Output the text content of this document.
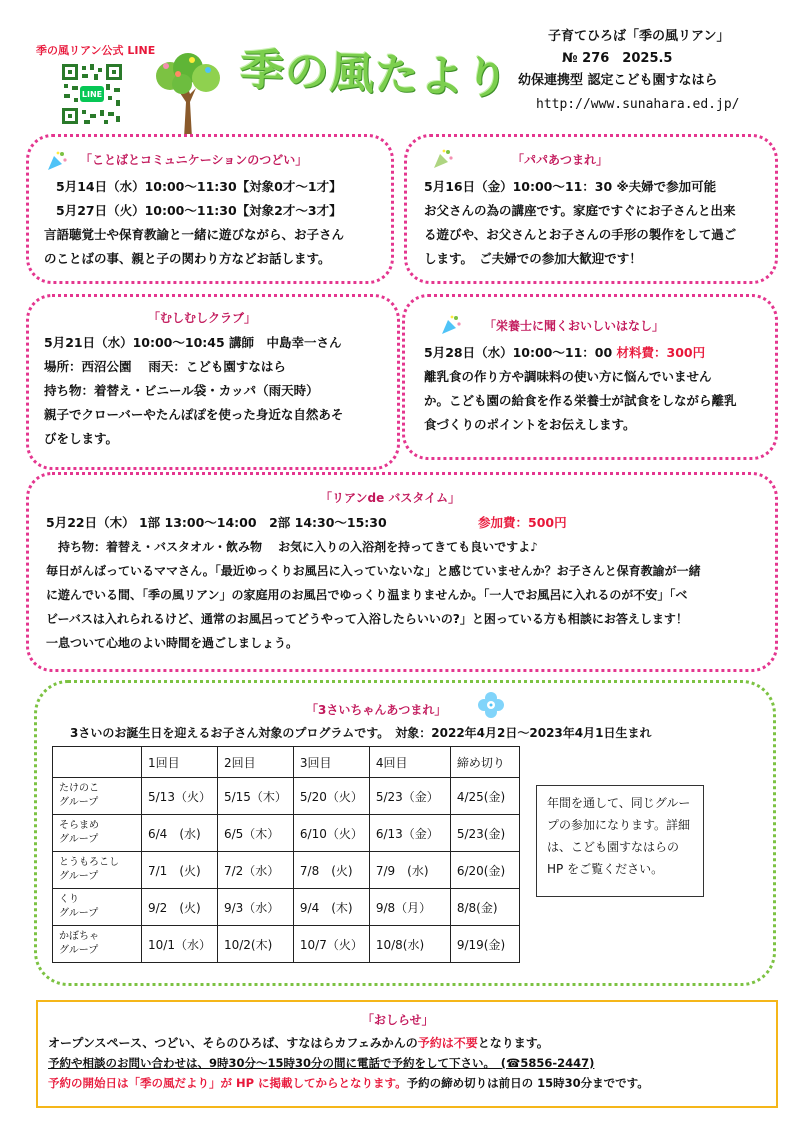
季の風リアン公式 LINE
LINE	季の風たより
子育てひろば「季の風リアン」
№ 276　2025.5
幼保連携型 認定こども園すなはら
http://www.sunahara.ed.jp/
「ことばとコミュニケーションのつどい」
5月14日（水）10:00～11:30【対象0才～1才】
5月27日（火）10:00～11:30【対象2才～3才】
言語聴覚士や保育教諭と一緒に遊びながら、お子さん
のことばの事、親と子の関わり方などお話します。
「パパあつまれ」
5月16日（金）10:00～11：30 ※夫婦で参加可能
お父さんの為の講座です。家庭ですぐにお子さんと出来
る遊びや、お父さんとお子さんの手形の製作をして過ご
します。　ご夫婦での参加大歓迎です！
「むしむしクラブ」
5月21日（水）10:00～10:45 講師　中島幸一さん
場所：西沼公園　 雨天：こども園すなはら
持ち物：着替え・ビニール袋・カッパ（雨天時）
親子でクローバーやたんぽぽを使った身近な自然あそ
びをします。
「栄養士に聞くおいしいはなし」
5月28日（水）10:00～11：00 材料費：300円
離乳食の作り方や調味料の使い方に悩んでいません
か。こども園の給食を作る栄養士が試食をしながら離乳
食づくりのポイントをお伝えします。
「リアンde バスタイム」
5月22日（木） 1部 13:00～14:00　2部 14:30～15:30	参加費：500円
　持ち物：着替え・バスタオル・飲み物　 お気に入りの入浴剤を持ってきても良いですよ♪
毎日がんばっているママさん。「最近ゆっくりお風呂に入っていないな」と感じていませんか？お子さんと保育教諭が一緒
に遊んでいる間、「季の風リアン」の家庭用のお風呂でゆっくり温まりませんか。「一人でお風呂に入れるのが不安」「ベ
ビーバスは入れられるけど、通常のお風呂ってどうやって入浴したらいいの?」と困っている方も相談にお答えします！
一息ついて心地のよい時間を過ごしましょう。
「3さいちゃんあつまれ」
3さいのお誕生日を迎えるお子さん対象のプログラムです。　対象：2022年4月2日～2023年4月1日生まれ
	1回目	2回目	3回目	4回目	締め切り
たけのこ
グループ	5/13（火）	5/15（木）	5/20（火）	5/23（金）	4/25(金)
そらまめ
グループ	6/4　(水)	6/5（木）	6/10（火）	6/13（金）	5/23(金)
とうもろこし
グループ	7/1　(火)	7/2（水）	7/8　(火)	7/9　(水)	6/20(金)
くり
グループ	9/2　(火)	9/3（水）	9/4　(木)	9/8（月）	8/8(金)
かぼちゃ
グループ	10/1（水）	10/2(木)	10/7（火）	10/8(水)	9/19(金)
年間を通して、同じグループの参加になります。詳細は、こども園すなはらの HP をご覧ください。
「おしらせ」
オープンスペース、つどい、そらのひろば、すなはらカフェみかんの予約は不要となります。
予約や相談のお問い合わせは、9時30分～15時30分の間に電話で予約をして下さい。　(☎5856-2447)
予約の開始日は「季の風だより」が HP に掲載してからとなります。予約の締め切りは前日の 15時30分までです。
